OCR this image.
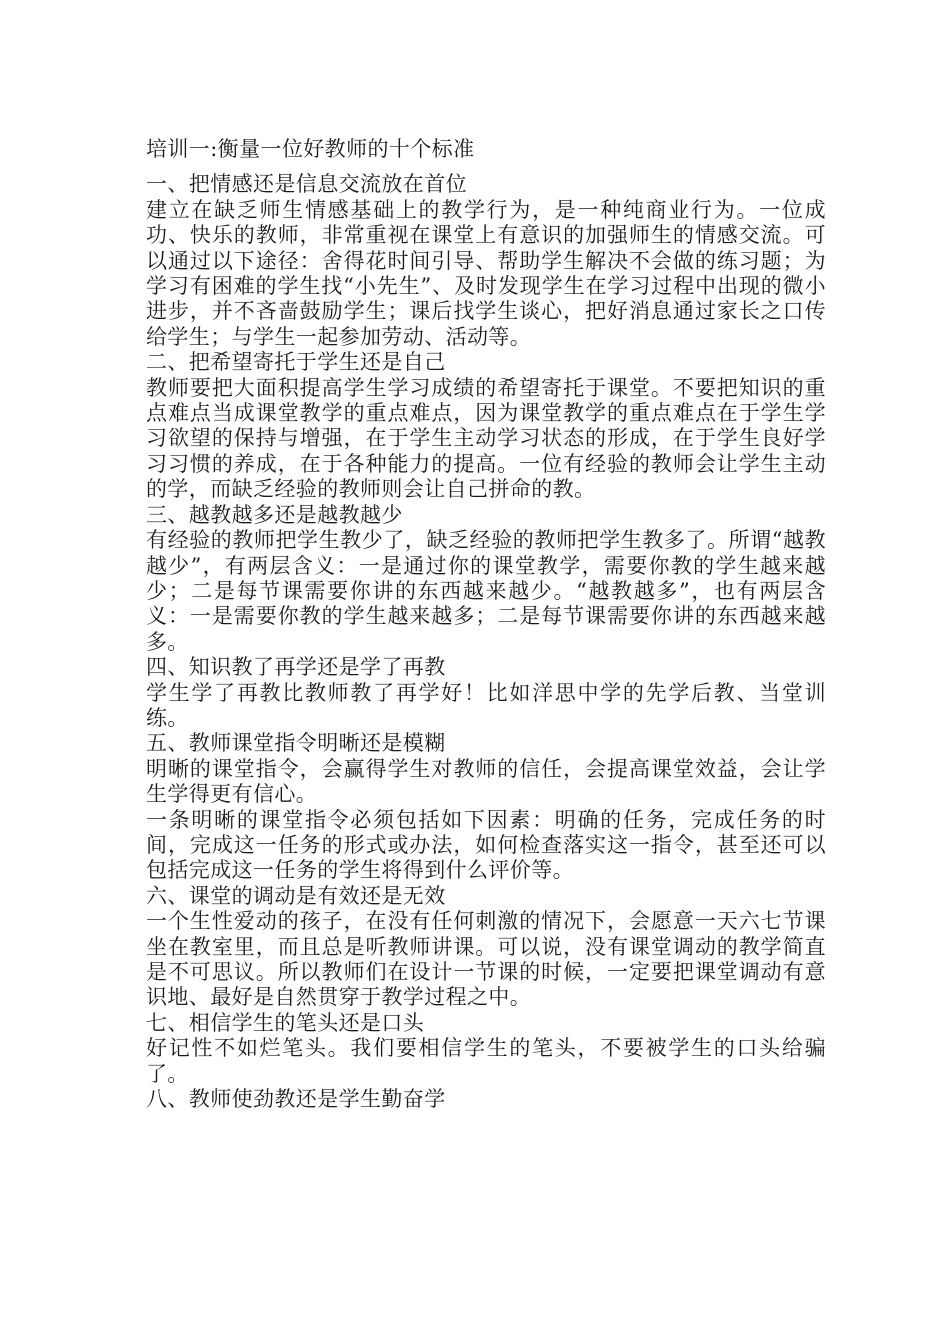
培训一:衡量一位好教师的十个标准
一、把情感还是信息交流放在首位
建立在缺乏师生情感基础上的教学行为，是一种纯商业行为。一位成功、快乐的教师，非常重视在课堂上有意识的加强师生的情感交流。可以通过以下途径：舍得花时间引导、帮助学生解决不会做的练习题；为学习有困难的学生找“小先生”、及时发现学生在学习过程中出现的微小进步，并不吝啬鼓励学生；课后找学生谈心，把好消息通过家长之口传给学生；与学生一起参加劳动、活动等。
二、把希望寄托于学生还是自己
教师要把大面积提高学生学习成绩的希望寄托于课堂。不要把知识的重点难点当成课堂教学的重点难点，因为课堂教学的重点难点在于学生学习欲望的保持与增强，在于学生主动学习状态的形成，在于学生良好学习习惯的养成，在于各种能力的提高。一位有经验的教师会让学生主动的学，而缺乏经验的教师则会让自己拼命的教。
三、越教越多还是越教越少
有经验的教师把学生教少了，缺乏经验的教师把学生教多了。所谓“越教越少”，有两层含义：一是通过你的课堂教学，需要你教的学生越来越少；二是每节课需要你讲的东西越来越少。“越教越多”，也有两层含义：一是需要你教的学生越来越多；二是每节课需要你讲的东西越来越多。
四、知识教了再学还是学了再教
学生学了再教比教师教了再学好！比如洋思中学的先学后教、当堂训练。
五、教师课堂指令明晰还是模糊
明晰的课堂指令，会赢得学生对教师的信任，会提高课堂效益，会让学生学得更有信心。
一条明晰的课堂指令必须包括如下因素：明确的任务，完成任务的时间，完成这一任务的形式或办法，如何检查落实这一指令，甚至还可以包括完成这一任务的学生将得到什么评价等。
六、课堂的调动是有效还是无效
一个生性爱动的孩子，在没有任何刺激的情况下，会愿意一天六七节课坐在教室里，而且总是听教师讲课。可以说，没有课堂调动的教学简直是不可思议。所以教师们在设计一节课的时候，一定要把课堂调动有意识地、最好是自然贯穿于教学过程之中。
七、相信学生的笔头还是口头
好记性不如烂笔头。我们要相信学生的笔头，不要被学生的口头给骗了。
八、教师使劲教还是学生勤奋学
